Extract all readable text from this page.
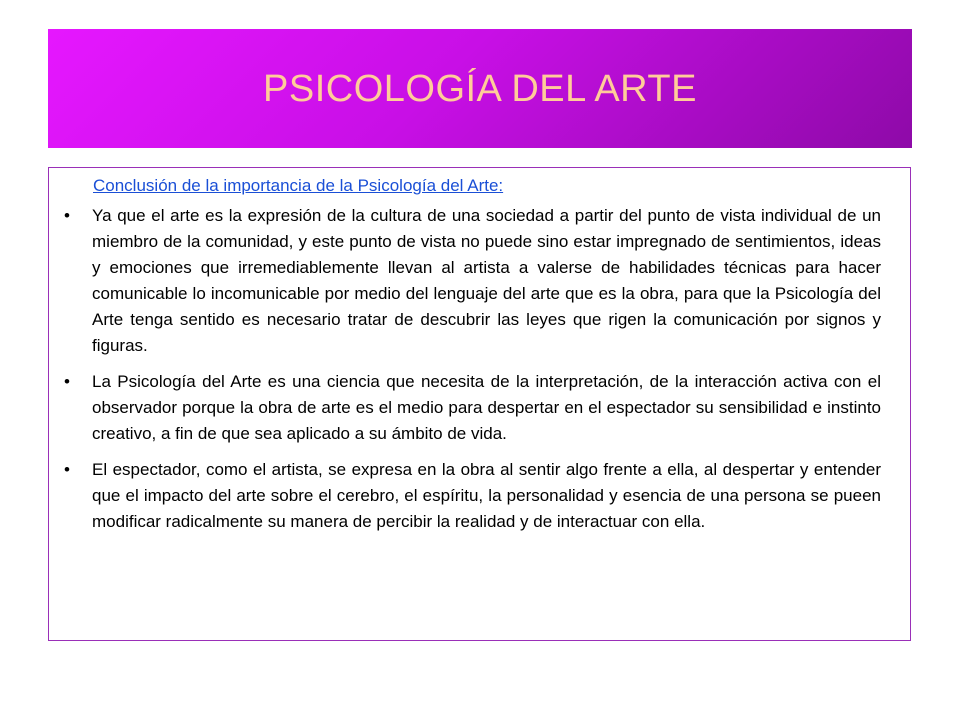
PSICOLOGÍA DEL ARTE
Conclusión de la importancia de la Psicología del Arte:
• Ya que el arte es la expresión de la cultura de una sociedad a partir del punto de vista individual de un miembro de la comunidad, y este punto de vista no puede sino estar impregnado de sentimientos, ideas y emociones que irremediablemente llevan al artista a valerse de habilidades técnicas para hacer comunicable lo incomunicable por medio del lenguaje del arte que es la obra, para que la Psicología del Arte tenga sentido es necesario tratar de descubrir las leyes que rigen la comunicación por signos y figuras.
• La Psicología del Arte es una ciencia que necesita de la interpretación, de la interacción activa con el observador porque la obra de arte es el medio para despertar en el espectador su sensibilidad e instinto creativo, a fin de que sea aplicado a su ámbito de vida.
• El espectador, como el artista, se expresa en la obra al sentir algo frente a ella, al despertar y entender que el impacto del arte sobre el cerebro, el espíritu, la personalidad y esencia de una persona se pueen modificar radicalmente su manera de percibir la realidad y de interactuar con ella.
